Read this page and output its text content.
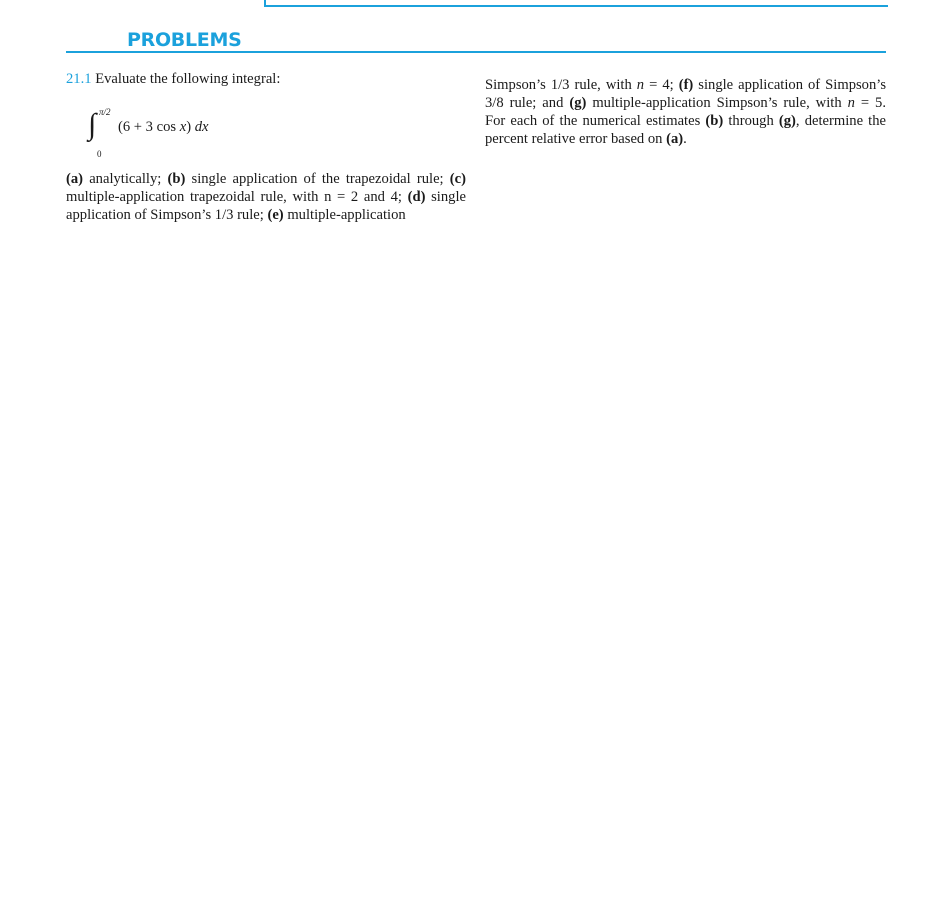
PROBLEMS

21.1 Evaluate the following integral:

π/2
∫
0
(6 + 3 cos x) dx

(a) analytically; (b) single application of the trapezoidal rule; (c) multiple-application trapezoidal rule, with n = 2 and 4; (d) single application of Simpson’s 1/3 rule; (e) multiple-application

Simpson’s 1/3 rule, with n = 4; (f) single application of Simpson’s 3/8 rule; and (g) multiple-application Simpson’s rule, with n = 5. For each of the numerical estimates (b) through (g), determine the percent relative error based on (a).
